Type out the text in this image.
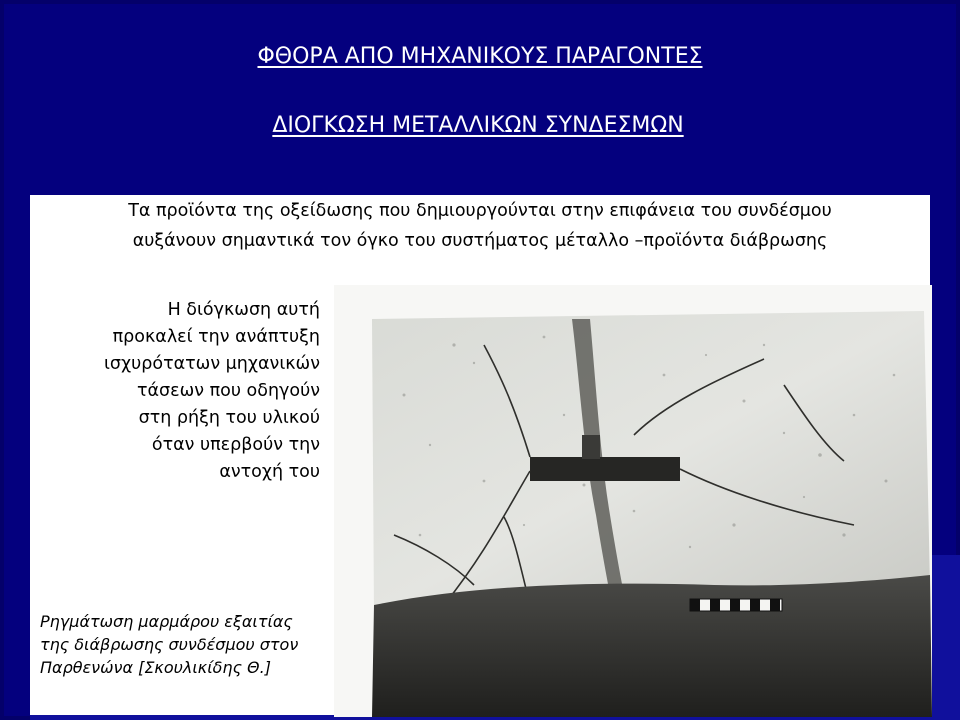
ΦΘΟΡΑ ΑΠΟ ΜΗΧΑΝΙΚΟΥΣ ΠΑΡΑΓΟΝΤΕΣ
ΔΙΟΓΚΩΣΗ ΜΕΤΑΛΛΙΚΩΝ ΣΥΝΔΕΣΜΩΝ
Τα προϊόντα της οξείδωσης που δημιουργούνται στην επιφάνεια του συνδέσμου
αυξάνουν σημαντικά τον όγκο του συστήματος μέταλλο –προϊόντα διάβρωσης
Η διόγκωση αυτή
προκαλεί την ανάπτυξη
ισχυρότατων μηχανικών
τάσεων που οδηγούν
στη ρήξη του υλικού
όταν υπερβούν την
αντοχή του
Ρηγμάτωση μαρμάρου εξαιτίας
της διάβρωσης συνδέσμου στον
Παρθενώνα [Σκουλικίδης Θ.]
